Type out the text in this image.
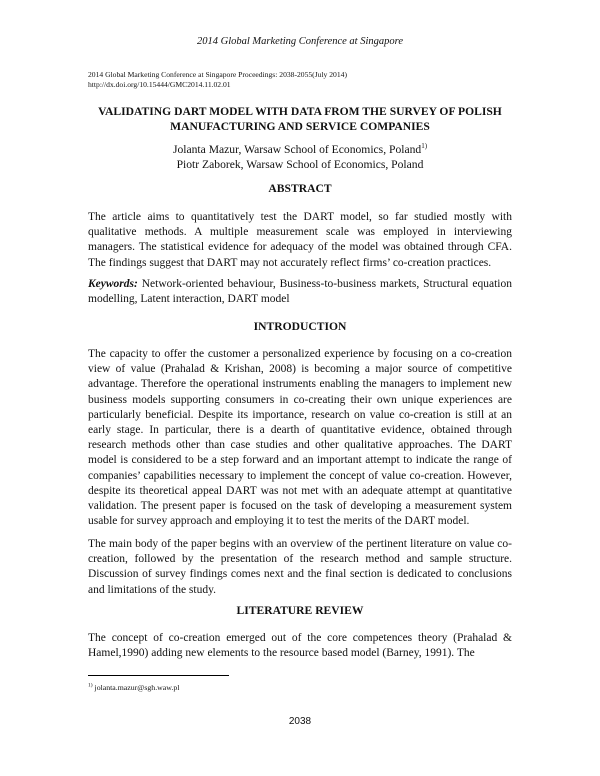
2014 Global Marketing Conference at Singapore
2014 Global Marketing Conference at Singapore Proceedings: 2038-2055(July 2014)
http://dx.doi.org/10.15444/GMC2014.11.02.01
VALIDATING DART MODEL WITH DATA FROM THE SURVEY OF POLISH
MANUFACTURING AND SERVICE COMPANIES
Jolanta Mazur, Warsaw School of Economics, Poland$^{1)}$
Piotr Zaborek, Warsaw School of Economics, Poland
ABSTRACT

The article aims to quantitatively test the DART model, so far studied mostly with qualitative methods. A multiple measurement scale was employed in interviewing managers. The statistical evidence for adequacy of the model was obtained through CFA. The findings suggest that DART may not accurately reflect firms’ co-creation practices.

Keywords: Network-oriented behaviour, Business-to-business markets, Structural equation modelling, Latent interaction, DART model

INTRODUCTION

The capacity to offer the customer a personalized experience by focusing on a co-creation view of value (Prahalad & Krishan, 2008) is becoming a major source of competitive advantage. Therefore the operational instruments enabling the managers to implement new business models supporting consumers in co-creating their own unique experiences are particularly beneficial. Despite its importance, research on value co-creation is still at an early stage. In particular, there is a dearth of quantitative evidence, obtained through research methods other than case studies and other qualitative approaches. The DART model is considered to be a step forward and an important attempt to indicate the range of companies’ capabilities necessary to implement the concept of value co-creation. However, despite its theoretical appeal DART was not met with an adequate attempt at quantitative validation. The present paper is focused on the task of developing a measurement system usable for survey approach and employing it to test the merits of the DART model.

The main body of the paper begins with an overview of the pertinent literature on value co-creation, followed by the presentation of the research method and sample structure. Discussion of survey findings comes next and the final section is dedicated to conclusions and limitations of the study.

LITERATURE REVIEW

The concept of co-creation emerged out of the core competences theory (Prahalad & Hamel,1990) adding new elements to the resource based model (Barney, 1991). The

$^{1)}$ jolanta.mazur@sgh.waw.pl
2038
